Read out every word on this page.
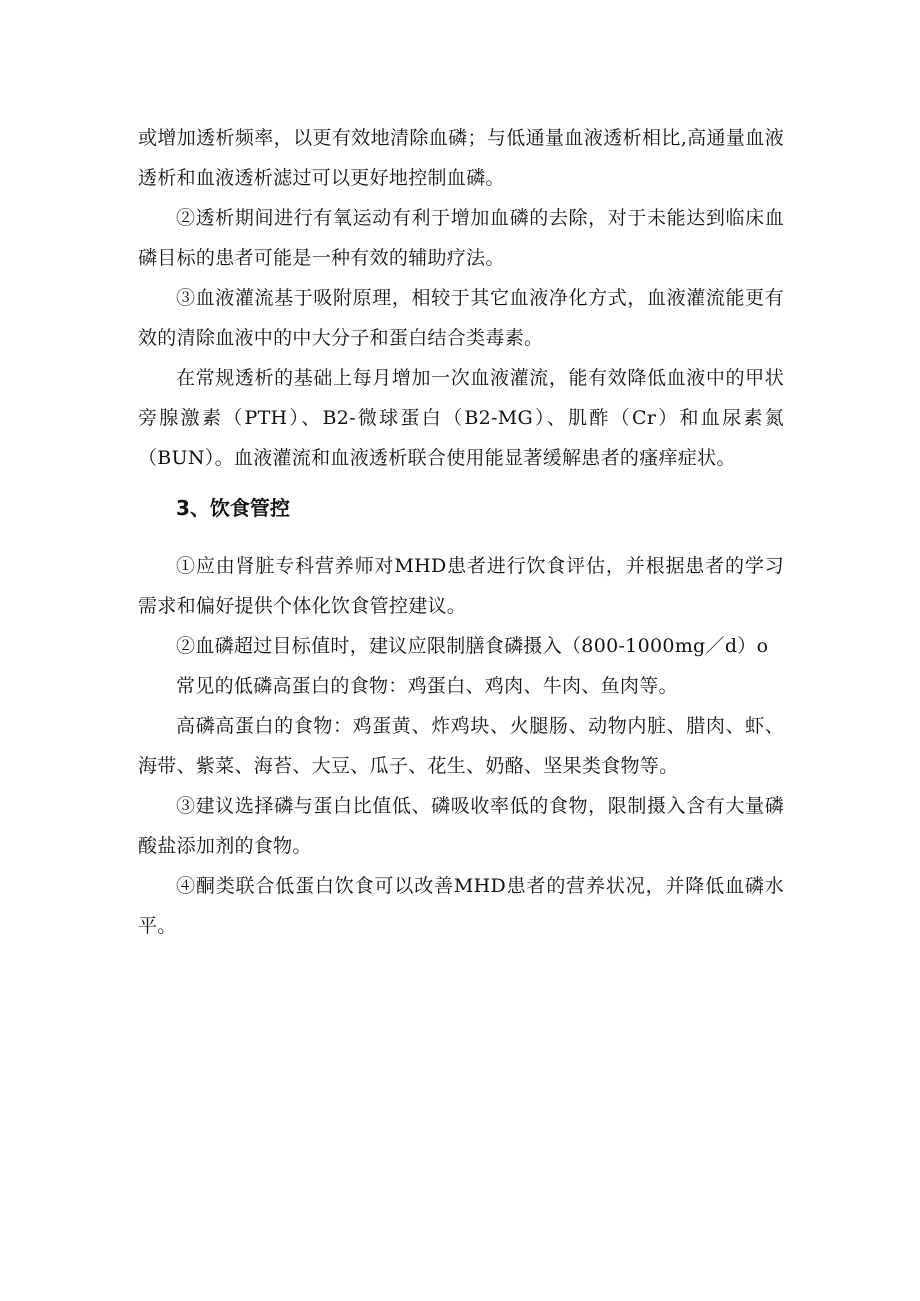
或增加透析频率，以更有效地清除血磷；与低通量血液透析相比,高通量血液透析和血液透析滤过可以更好地控制血磷。

②透析期间进行有氧运动有利于增加血磷的去除，对于未能达到临床血磷目标的患者可能是一种有效的辅助疗法。

③血液灌流基于吸附原理，相较于其它血液净化方式，血液灌流能更有效的清除血液中的中大分子和蛋白结合类毒素。

在常规透析的基础上每月增加一次血液灌流，能有效降低血液中的甲状旁腺激素（PTH）、B2-微球蛋白（B2-MG）、肌酢（Cr）和血尿素氮（BUN）。血液灌流和血液透析联合使用能显著缓解患者的瘙痒症状。

3、饮食管控

①应由肾脏专科营养师对MHD患者进行饮食评估，并根据患者的学习需求和偏好提供个体化饮食管控建议。

②血磷超过目标值时，建议应限制膳食磷摄入（800-1000mg／d）o

常见的低磷高蛋白的食物：鸡蛋白、鸡肉、牛肉、鱼肉等。

高磷高蛋白的食物：鸡蛋黄、炸鸡块、火腿肠、动物内脏、腊肉、虾、海带、紫菜、海苔、大豆、瓜子、花生、奶酪、坚果类食物等。

③建议选择磷与蛋白比值低、磷吸收率低的食物，限制摄入含有大量磷酸盐添加剂的食物。

④酮类联合低蛋白饮食可以改善MHD患者的营养状况，并降低血磷水平。
